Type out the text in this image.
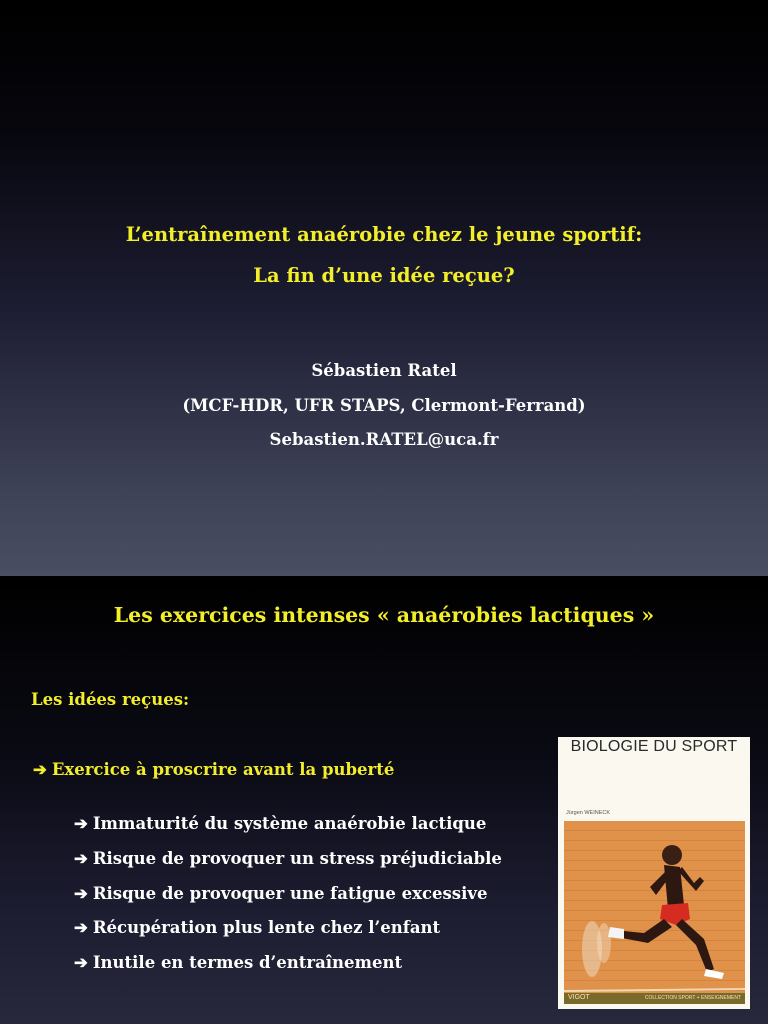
L’entraînement anaérobie chez le jeune sportif:
La fin d’une idée reçue?
Sébastien Ratel
(MCF-HDR, UFR STAPS, Clermont-Ferrand)
Sebastien.RATEL@uca.fr
Les exercices intenses « anaérobies lactiques »
Les idées reçues:
➔ Exercice à proscrire avant la puberté
➔ Immaturité du système anaérobie lactique
➔ Risque de provoquer un stress préjudiciable
➔ Risque de provoquer une fatigue excessive
➔ Récupération plus lente chez l’enfant
➔ Inutile en termes d’entraînement
BIOLOGIE DU SPORT
Jürgen WEINECK
VIGOT	COLLECTION SPORT + ENSEIGNEMENT
